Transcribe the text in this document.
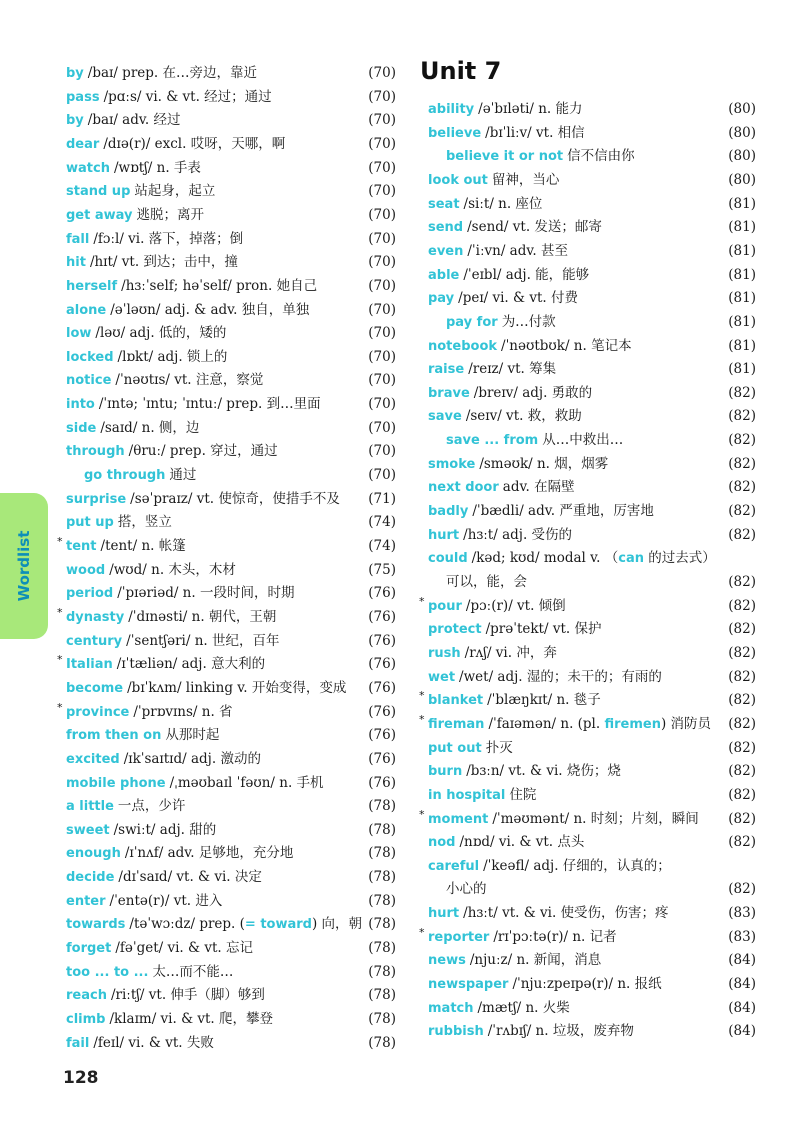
Wordlist
Unit 7
by /baɪ/ prep. 在…旁边，靠近	(70)
pass /pɑːs/ vi. & vt. 经过；通过	(70)
by /baɪ/ adv. 经过	(70)
dear /dɪə(r)/ excl. 哎呀，天哪，啊	(70)
watch /wɒtʃ/ n. 手表	(70)
stand up 站起身，起立	(70)
get away 逃脱；离开	(70)
fall /fɔːl/ vi. 落下，掉落；倒	(70)
hit /hɪt/ vt. 到达；击中，撞	(70)
herself /hɜːˈself; həˈself/ pron. 她自己	(70)
alone /əˈləʊn/ adj. & adv. 独自，单独	(70)
low /ləʊ/ adj. 低的，矮的	(70)
locked /lɒkt/ adj. 锁上的	(70)
notice /ˈnəʊtɪs/ vt. 注意，察觉	(70)
into /ˈɪntə; ˈɪntu; ˈɪntuː/ prep. 到…里面	(70)
side /saɪd/ n. 侧，边	(70)
through /θruː/ prep. 穿过，通过	(70)
go through 通过	(70)
surprise /səˈpraɪz/ vt. 使惊奇，使措手不及 (71)
put up 搭，竖立	(74)
* tent /tent/ n. 帐篷	(74)
wood /wʊd/ n. 木头，木材	(75)
period /ˈpɪəriəd/ n. 一段时间，时期	(76)
* dynasty /ˈdɪnəsti/ n. 朝代，王朝	(76)
century /ˈsentʃəri/ n. 世纪，百年	(76)
* Italian /ɪˈtæliən/ adj. 意大利的	(76)
become /bɪˈkʌm/ linking v. 开始变得，变成 (76)
* province /ˈprɒvɪns/ n. 省	(76)
from then on 从那时起	(76)
excited /ɪkˈsaɪtɪd/ adj. 激动的	(76)
mobile phone /ˌməʊbaɪl ˈfəʊn/ n. 手机	(76)
a little 一点，少许	(78)
sweet /swiːt/ adj. 甜的	(78)
enough /ɪˈnʌf/ adv. 足够地，充分地	(78)
decide /dɪˈsaɪd/ vt. & vi. 决定	(78)
enter /ˈentə(r)/ vt. 进入	(78)
towards /təˈwɔːdz/ prep. (= toward) 向，朝 (78)
forget /fəˈget/ vi. & vt. 忘记	(78)
too ... to ... 太…而不能…	(78)
reach /riːtʃ/ vt. 伸手（脚）够到	(78)
climb /klaɪm/ vi. & vt. 爬，攀登	(78)
fail /feɪl/ vi. & vt. 失败	(78)
ability /əˈbɪləti/ n. 能力	(80)
believe /bɪˈliːv/ vt. 相信	(80)
believe it or not 信不信由你	(80)
look out 留神，当心	(80)
seat /siːt/ n. 座位	(81)
send /send/ vt. 发送；邮寄	(81)
even /ˈiːvn/ adv. 甚至	(81)
able /ˈeɪbl/ adj. 能，能够	(81)
pay /peɪ/ vi. & vt. 付费	(81)
pay for 为…付款	(81)
notebook /ˈnəʊtbʊk/ n. 笔记本	(81)
raise /reɪz/ vt. 筹集	(81)
brave /breɪv/ adj. 勇敢的	(82)
save /seɪv/ vt. 救，救助	(82)
save ... from 从…中救出…	(82)
smoke /sməʊk/ n. 烟，烟雾	(82)
next door adv. 在隔壁	(82)
badly /ˈbædli/ adv. 严重地，厉害地	(82)
hurt /hɜːt/ adj. 受伤的	(82)
could /kəd; kʊd/ modal v. （can 的过去式）
可以，能，会	(82)
* pour /pɔː(r)/ vt. 倾倒	(82)
protect /prəˈtekt/ vt. 保护	(82)
rush /rʌʃ/ vi. 冲，奔	(82)
wet /wet/ adj. 湿的；未干的；有雨的	(82)
* blanket /ˈblæŋkɪt/ n. 毯子	(82)
* fireman /ˈfaɪəmən/ n. (pl. firemen) 消防员 (82)
put out 扑灭	(82)
burn /bɜːn/ vt. & vi. 烧伤；烧	(82)
in hospital 住院	(82)
* moment /ˈməʊmənt/ n. 时刻；片刻，瞬间 (82)
nod /nɒd/ vi. & vt. 点头	(82)
careful /ˈkeəfl/ adj. 仔细的，认真的；
小心的	(82)
hurt /hɜːt/ vt. & vi. 使受伤，伤害；疼	(83)
* reporter /rɪˈpɔːtə(r)/ n. 记者	(83)
news /njuːz/ n. 新闻，消息	(84)
newspaper /ˈnjuːzpeɪpə(r)/ n. 报纸	(84)
match /mætʃ/ n. 火柴	(84)
rubbish /ˈrʌbɪʃ/ n. 垃圾，废弃物	(84)
128
